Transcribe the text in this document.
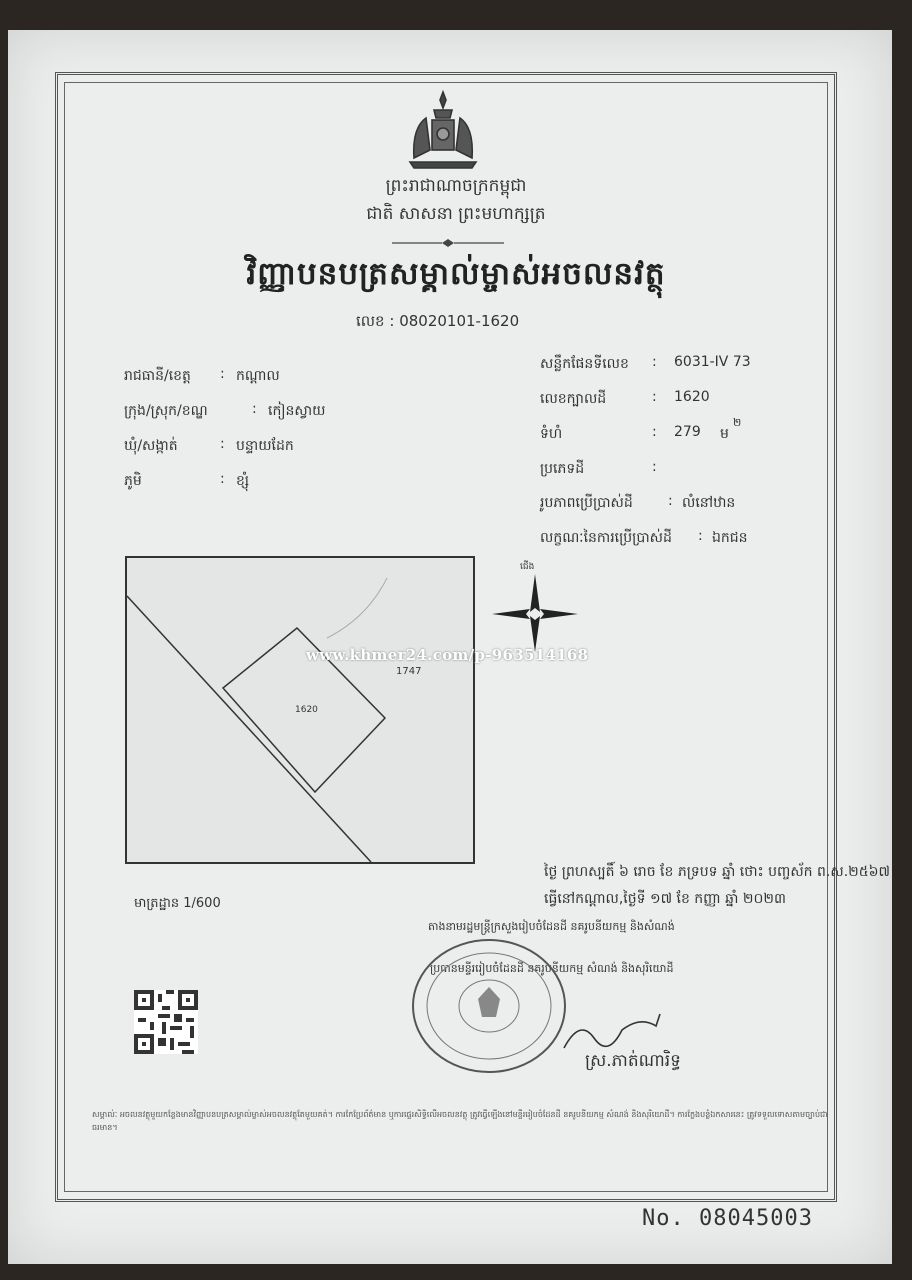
ព្រះរាជាណាចក្រកម្ពុជា
ជាតិ សាសនា ព្រះមហាក្សត្រ
វិញ្ញាបនបត្រសម្គាល់ម្ចាស់អចលនវត្ថុ
លេខ : 08020101-1620
រាជធានី/ខេត្ត : កណ្ដាល
ក្រុង/ស្រុក/ខណ្ឌ	: កៀនស្វាយ
ឃុំ/សង្កាត់	: បន្ទាយដែក
ភូមិ	: ខ្សុំ
សន្លឹកផែនទីលេខ : 6031-IV 73
លេខក្បាលដី	: 1620
ទំហំ	: 279 ម
២
ប្រភេទដី	:
រូបភាពប្រើប្រាស់ដី	: លំនៅឋាន
លក្ខណៈនៃការប្រើប្រាស់ដី : ឯកជន
1620
1747
ជើង
www.khmer24.com/p-963514168
ថ្ងៃ ព្រហស្បតិ៍ ៦ រោច ខែ ភទ្របទ ឆ្នាំ ថោះ បញ្ចស័ក ព.ស.២៥៦៧
ធ្វើនៅកណ្ដាល,ថ្ងៃទី ១៧ ខែ កញ្ញា ឆ្នាំ ២០២៣
មាត្រដ្ឋាន 1/600
តាងនាមរដ្ឋមន្ត្រីក្រសួងរៀបចំដែនដី នគរូបនីយកម្ម និងសំណង់
ប្រធានមន្ទីររៀបចំដែនដី នគរូបនីយកម្ម សំណង់ និងសុរិយោដី
ស្រ.ភាត់ណារិទ្ធ
សម្គាល់ៈ អចលនវត្ថុមួយកន្លែងមានវិញ្ញាបនបត្រសម្គាល់ម្ចាស់អចលនវត្ថុតែមួយគត់។ ការកែប្រែព័ត៌មាន ឬការផ្ទេរសិទ្ធិលើអចលនវត្ថុ ត្រូវធ្វើឡើងនៅមន្ទីររៀបចំដែនដី នគរូបនីយកម្ម សំណង់ និងសុរិយោដី។ ការក្លែងបន្លំឯកសារនេះ ត្រូវទទួលទោសតាមច្បាប់ជាធរមាន។
No. 08045003
